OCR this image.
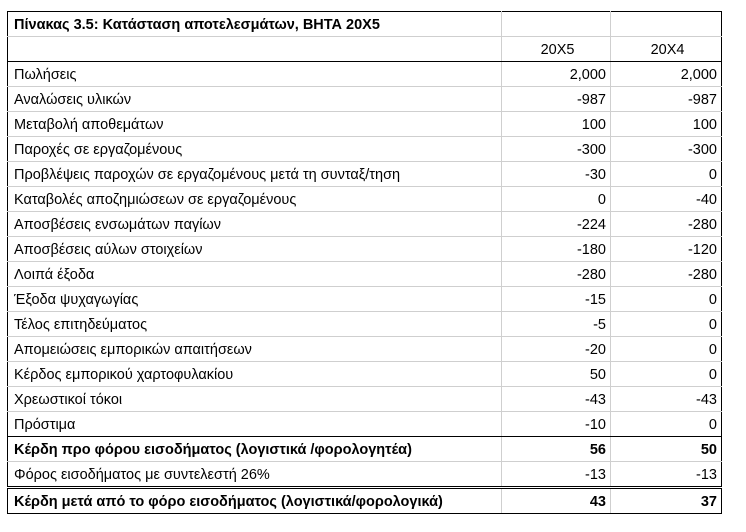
Πίνακας 3.5: Κατάσταση αποτελεσμάτων, ΒΗΤΑ 20Χ5		
	20Χ5	20Χ4
Πωλήσεις	2,000	2,000
Αναλώσεις υλικών	-987	-987
Μεταβολή αποθεμάτων	100	100
Παροχές σε εργαζομένους	-300	-300
Προβλέψεις παροχών σε εργαζομένους μετά τη συνταξ/τηση	-30	0
Καταβολές αποζημιώσεων σε εργαζομένους	0	-40
Αποσβέσεις ενσωμάτων παγίων	-224	-280
Αποσβέσεις αύλων στοιχείων	-180	-120
Λοιπά έξοδα	-280	-280
Έξοδα ψυχαγωγίας	-15	0
Τέλος επιτηδεύματος	-5	0
Απομειώσεις εμπορικών απαιτήσεων	-20	0
Κέρδος εμπορικού χαρτοφυλακίου	50	0
Χρεωστικοί τόκοι	-43	-43
Πρόστιμα	-10	0
Κέρδη προ φόρου εισοδήματος (λογιστικά /φορολογητέα)	56	50
Φόρος εισοδήματος με συντελεστή 26%	-13	-13
Κέρδη μετά από το φόρο εισοδήματος (λογιστικά/φορολογικά)	43	37
